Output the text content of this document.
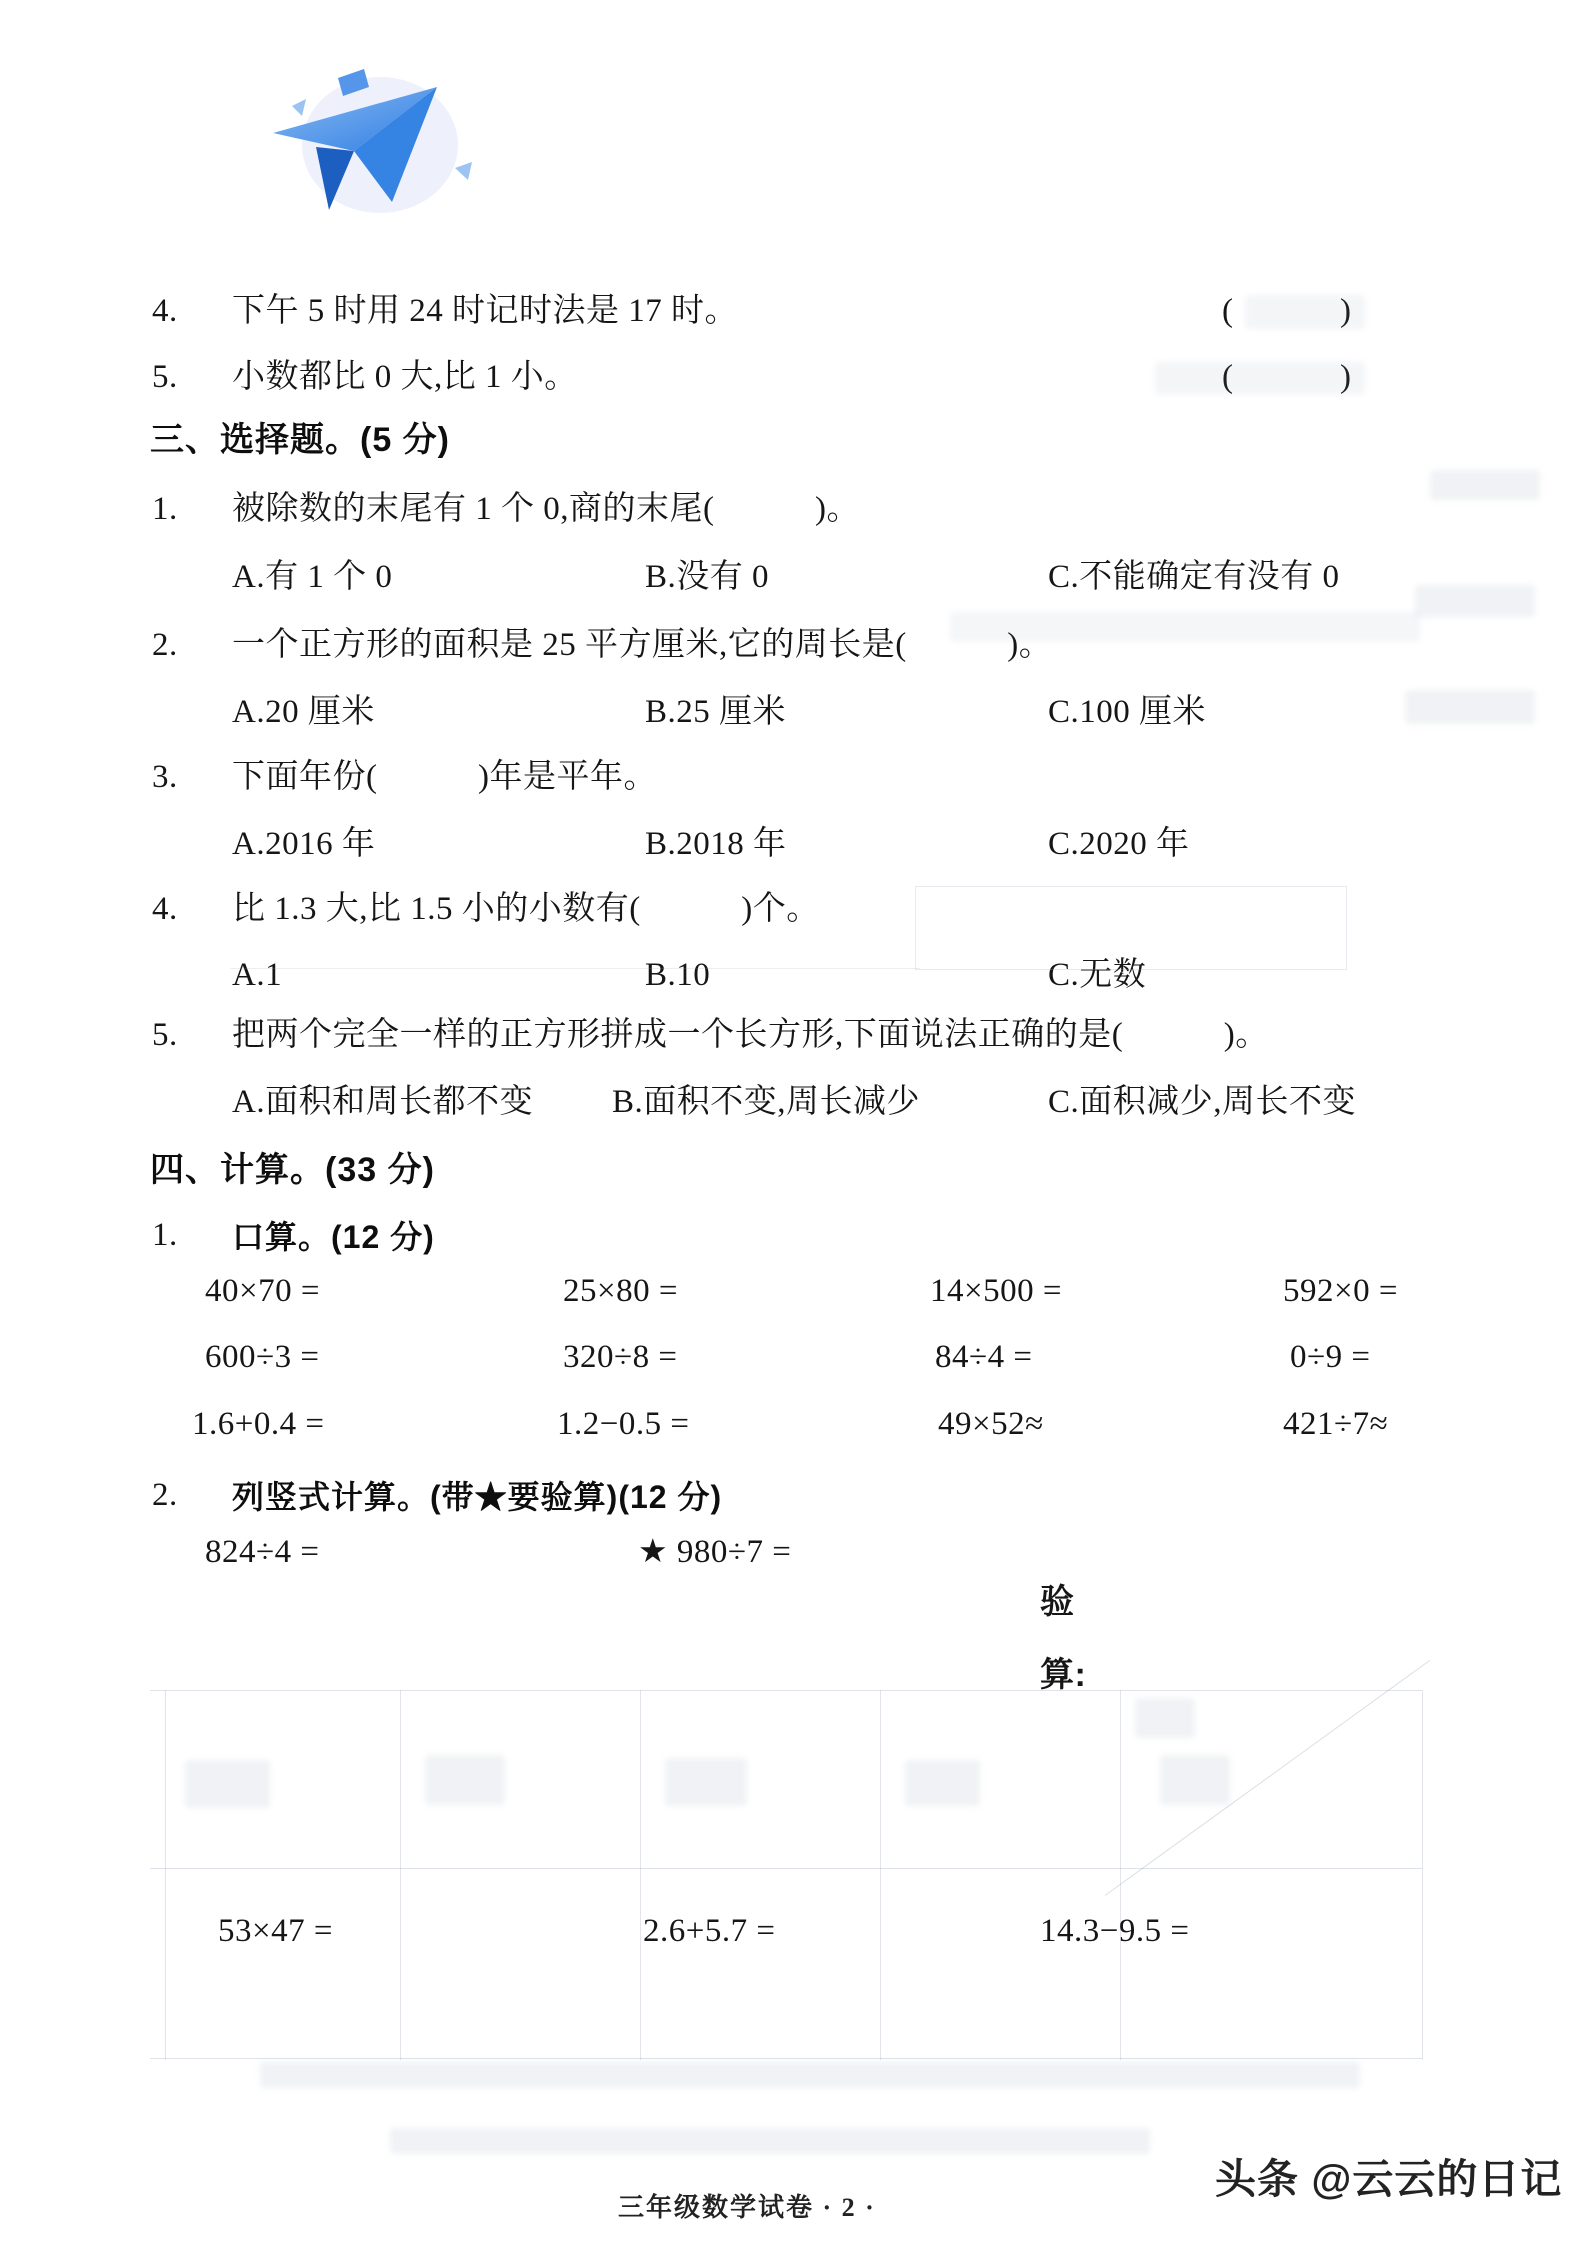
4. 下午 5 时用 24 时记时法是 17 时。	(　　　)
5. 小数都比 0 大,比 1 小。	(　　　)
三、选择题。(5 分)
1. 被除数的末尾有 1 个 0,商的末尾(　　　)。
A.有 1 个 0	B.没有 0	C.不能确定有没有 0
2. 一个正方形的面积是 25 平方厘米,它的周长是(　　　)。
A.20 厘米	B.25 厘米	C.100 厘米
3. 下面年份(　　　)年是平年。
A.2016 年	B.2018 年	C.2020 年
4. 比 1.3 大,比 1.5 小的小数有(　　　)个。
A.1	B.10	C.无数
5. 把两个完全一样的正方形拼成一个长方形,下面说法正确的是(　　　)。
A.面积和周长都不变 B.面积不变,周长减少	C.面积减少,周长不变
四、计算。(33 分)
1. 口算。(12 分)
40×70 =	25×80 =	14×500 =	592×0 =
600÷3 =	320÷8 =	84÷4 =	0÷9 =
1.6+0.4 =	1.2−0.5 =	49×52≈	421÷7≈
2. 列竖式计算。(带★要验算)(12 分)
824÷4 =	★ 980÷7 =
验
算:
53×47 =	2.6+5.7 =	14.3−9.5 =
三年级数学试卷 · 2 ·
头条 @云云的日记
